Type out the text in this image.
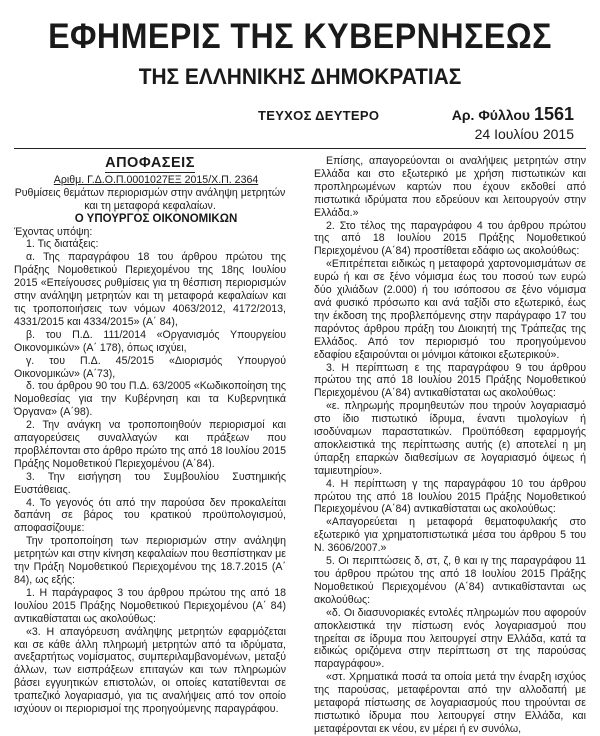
ΕΦΗΜΕΡΙΣ ΤΗΣ ΚΥΒΕΡΝΗΣΕΩΣ
ΤΗΣ ΕΛΛΗΝΙΚΗΣ ΔΗΜΟΚΡΑΤΙΑΣ
ΤΕΥΧΟΣ ΔΕΥΤΕΡΟ	Αρ. Φύλλου 1561
24 Ιουλίου 2015
ΑΠΟΦΑΣΕΙΣ

Αριθμ. Γ.Δ.Ο.Π.0001027ΕΞ 2015/Χ.Π. 2364

Ρυθμίσεις θεμάτων περιορισμών στην ανάληψη μετρητών και τη μεταφορά κεφαλαίων.

Ο ΥΠΟΥΡΓΟΣ ΟΙΚΟΝΟΜΙΚΩΝ

Έχοντας υπόψη:

1. Τις διατάξεις:

α. Της παραγράφου 18 του άρθρου πρώτου της Πράξης Νομοθετικού Περιεχομένου της 18ης Ιουλίου 2015 «Επείγουσες ρυθμίσεις για τη θέσπιση περιορισμών στην ανάληψη μετρητών και τη μεταφορά κεφαλαίων και τις τροποποιήσεις των νόμων 4063/2012, 4172/2013, 4331/2015 και 4334/2015» (Α΄ 84),

β. του Π.Δ. 111/2014 «Οργανισμός Υπουργείου Οικονομικών» (Α΄ 178), όπως ισχύει,

γ. του Π.Δ. 45/2015 «Διορισμός Υπουργού Οικονομικών» (Α΄73),

δ. του άρθρου 90 του Π.Δ. 63/2005 «Κωδικοποίηση της Νομοθεσίας για την Κυβέρνηση και τα Κυβερνητικά Όργανα» (Α΄98).

2. Την ανάγκη να τροποποιηθούν περιορισμοί και απαγορεύσεις συναλλαγών και πράξεων που προβλέπονται στο άρθρο πρώτο της από 18 Ιουλίου 2015 Πράξης Νομοθετικού Περιεχομένου (Α΄84).

3. Την εισήγηση του Συμβουλίου Συστημικής Ευστάθειας.

4. Το γεγονός ότι από την παρούσα δεν προκαλείται δαπάνη σε βάρος του κρατικού προϋπολογισμού, αποφασίζουμε:

Την τροποποίηση των περιορισμών στην ανάληψη μετρητών και στην κίνηση κεφαλαίων που θεσπίστηκαν με την Πράξη Νομοθετικού Περιεχομένου της 18.7.2015 (Α΄ 84), ως εξής:

1. Η παράγραφος 3 του άρθρου πρώτου της από 18 Ιουλίου 2015 Πράξης Νομοθετικού Περιεχομένου (Α΄ 84) αντικαθίσταται ως ακολούθως:

«3. Η απαγόρευση ανάληψης μετρητών εφαρμόζεται και σε κάθε άλλη πληρωμή μετρητών από τα ιδρύματα, ανεξαρτήτως νομίσματος, συμπεριλαμβανομένων, μεταξύ άλλων, των εισπράξεων επιταγών και των πληρωμών βάσει εγγυητικών επιστολών, οι οποίες κατατίθενται σε τραπεζικό λογαριασμό, για τις αναλήψεις από τον οποίο ισχύουν οι περιορισμοί της προηγούμενης παραγράφου.

Επίσης, απαγορεύονται οι αναλήψεις μετρητών στην Ελλάδα και στο εξωτερικό με χρήση πιστωτικών και προπληρωμένων καρτών που έχουν εκδοθεί από πιστωτικά ιδρύματα που εδρεύουν και λειτουργούν στην Ελλάδα.»

2. Στο τέλος της παραγράφου 4 του άρθρου πρώτου της από 18 Ιουλίου 2015 Πράξης Νομοθετικού Περιεχομένου (Α΄84) προστίθεται εδάφιο ως ακολούθως:

«Επιτρέπεται ειδικώς η μεταφορά χαρτονομισμάτων σε ευρώ ή και σε ξένο νόμισμα έως του ποσού των ευρώ δύο χιλιάδων (2.000) ή του ισόποσου σε ξένο νόμισμα ανά φυσικό πρόσωπο και ανά ταξίδι στο εξωτερικό, έως την έκδοση της προβλεπόμενης στην παράγραφο 17 του παρόντος άρθρου πράξη του Διοικητή της Τράπεζας της Ελλάδος. Από τον περιορισμό του προηγούμενου εδαφίου εξαιρούνται οι μόνιμοι κάτοικοι εξωτερικού».

3. Η περίπτωση ε της παραγράφου 9 του άρθρου πρώτου της από 18 Ιουλίου 2015 Πράξης Νομοθετικού Περιεχομένου (Α΄84) αντικαθίσταται ως ακολούθως:

«ε. πληρωμής προμηθευτών που τηρούν λογαριασμό στο ίδιο πιστωτικό ίδρυμα, έναντι τιμολογίων ή ισοδύναμων παραστατικών. Προϋπόθεση εφαρμογής αποκλειστικά της περίπτωσης αυτής (ε) αποτελεί η μη ύπαρξη επαρκών διαθεσίμων σε λογαριασμό όψεως ή ταμιευτηρίου».

4. Η περίπτωση γ της παραγράφου 10 του άρθρου πρώτου της από 18 Ιουλίου 2015 Πράξης Νομοθετικού Περιεχομένου (Α΄84) αντικαθίσταται ως ακολούθως:

«Απαγορεύεται η μεταφορά θεματοφυλακής στο εξωτερικό για χρηματοπιστωτικά μέσα του άρθρου 5 του Ν. 3606/2007.»

5. Οι περιπτώσεις δ, στ, ζ, θ και ιγ της παραγράφου 11 του άρθρου πρώτου της από 18 Ιουλίου 2015 Πράξης Νομοθετικού Περιεχομένου (Α΄84) αντικαθίστανται ως ακολούθως:

«δ. Οι διασυνοριακές εντολές πληρωμών που αφορούν αποκλειστικά την πίστωση ενός λογαριασμού που τηρείται σε ίδρυμα που λειτουργεί στην Ελλάδα, κατά τα ειδικώς οριζόμενα στην περίπτωση στ της παρούσας παραγράφου».

«στ. Χρηματικά ποσά τα οποία μετά την έναρξη ισχύος της παρούσας, μεταφέρονται από την αλλοδαπή με μεταφορά πίστωσης σε λογαριασμούς που τηρούνται σε πιστωτικό ίδρυμα που λειτουργεί στην Ελλάδα, και μεταφέρονται εκ νέου, εν μέρει ή εν συνόλω,
